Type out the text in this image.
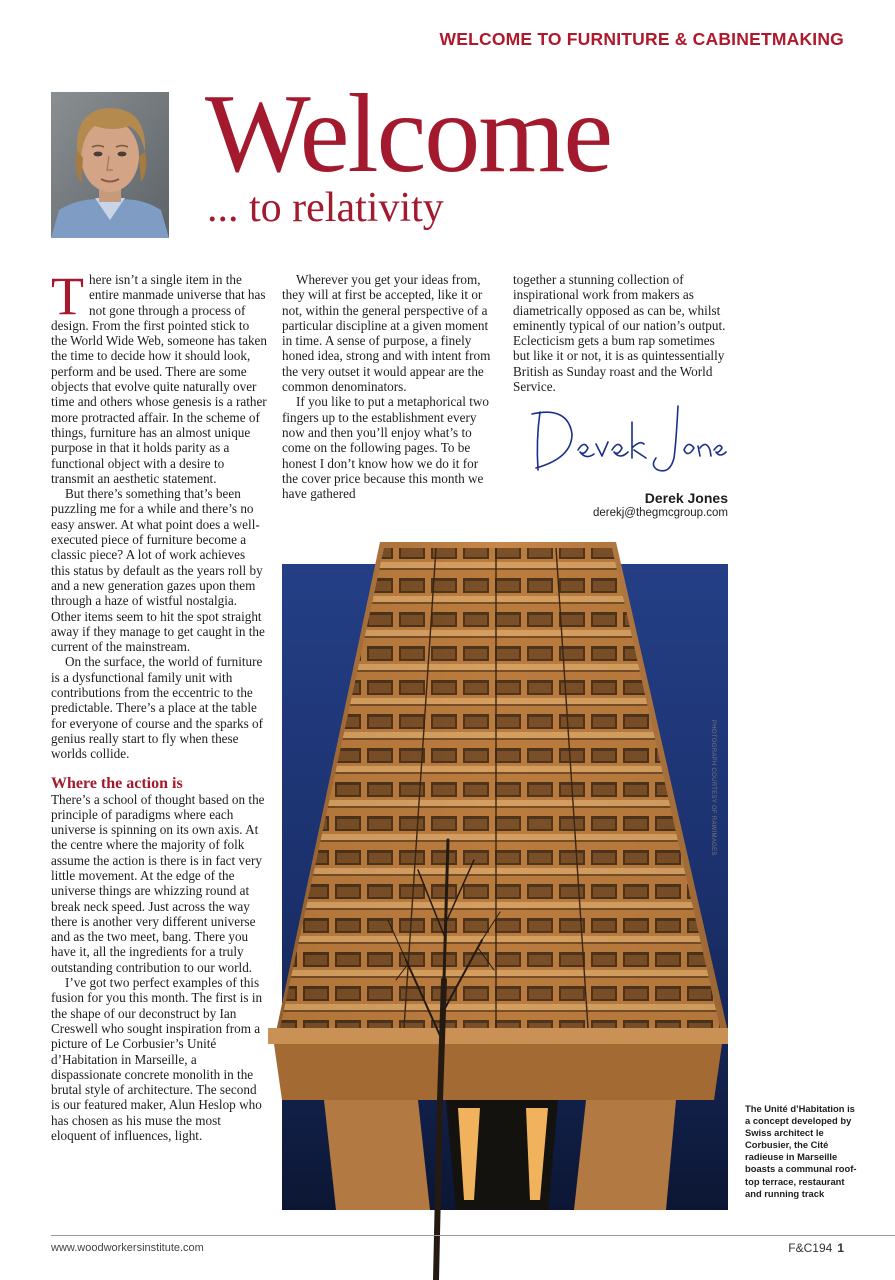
WELCOME TO FURNITURE & CABINETMAKING
Welcome
... to relativity

There isn’t a single item in the entire manmade universe that has not gone through a process of design. From the first pointed stick to the World Wide Web, someone has taken the time to decide how it should look, perform and be used. There are some objects that evolve quite naturally over time and others whose genesis is a rather more protracted affair. In the scheme of things, furniture has an almost unique purpose in that it holds parity as a functional object with a desire to transmit an aesthetic statement.

But there’s something that’s been puzzling me for a while and there’s no easy answer. At what point does a well-executed piece of furniture become a classic piece? A lot of work achieves this status by default as the years roll by and a new generation gazes upon them through a haze of wistful nostalgia. Other items seem to hit the spot straight away if they manage to get caught in the current of the mainstream.

On the surface, the world of furniture is a dysfunctional family unit with contributions from the eccentric to the predictable. There’s a place at the table for everyone of course and the sparks of genius really start to fly when these worlds collide.

Where the action is

There’s a school of thought based on the principle of paradigms where each universe is spinning on its own axis. At the centre where the majority of folk assume the action is there is in fact very little movement. At the edge of the universe things are whizzing round at break neck speed. Just across the way there is another very different universe and as the two meet, bang. There you have it, all the ingredients for a truly outstanding contribution to our world.

I’ve got two perfect examples of this fusion for you this month. The first is in the shape of our deconstruct by Ian Creswell who sought inspiration from a picture of Le Corbusier’s Unité d’Habitation in Marseille, a dispassionate concrete monolith in the brutal style of architecture. The second is our featured maker, Alun Heslop who has chosen as his muse the most eloquent of influences, light.

Wherever you get your ideas from, they will at first be accepted, like it or not, within the general perspective of a particular discipline at a given moment in time. A sense of purpose, a finely honed idea, strong and with intent from the very outset it would appear are the common denominators.

If you like to put a metaphorical two fingers up to the establishment every now and then you’ll enjoy what’s to come on the following pages. To be honest I don’t know how we do it for the cover price because this month we have gathered

together a stunning collection of inspirational work from makers as diametrically opposed as can be, whilst eminently typical of our nation’s output. Eclecticism gets a bum rap sometimes but like it or not, it is as quintessentially British as Sunday roast and the World Service.

Derek Jones
derekj@thegmcgroup.com
PHOTOGRAPH COURTESY OF RAWIMAGES
The Unité d’Habitation is a concept developed by Swiss architect le Corbusier, the Cité radieuse in Marseille boasts a communal roof-top terrace, restaurant and running track
www.woodworkersinstitute.com	F&C194 1
